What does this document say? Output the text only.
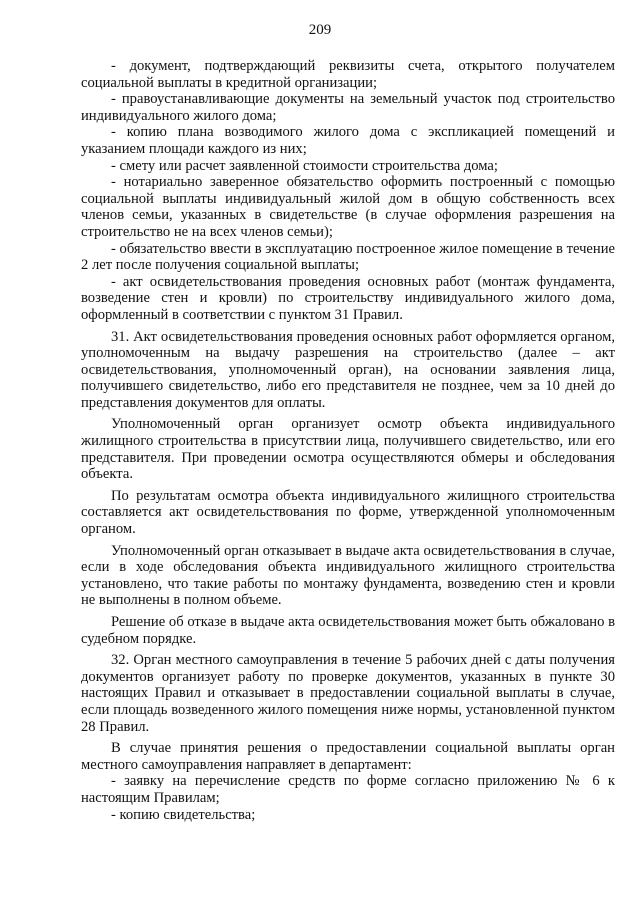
209

- документ, подтверждающий реквизиты счета, открытого получателем социальной выплаты в кредитной организации;

- правоустанавливающие документы на земельный участок под строительство индивидуального жилого дома;

- копию плана возводимого жилого дома с экспликацией помещений и указанием площади каждого из них;

- смету или расчет заявленной стоимости строительства дома;

- нотариально заверенное обязательство оформить построенный с помощью социальной выплаты индивидуальный жилой дом в общую собственность всех членов семьи, указанных в свидетельстве (в случае оформления разрешения на строительство не на всех членов семьи);

- обязательство ввести в эксплуатацию построенное жилое помещение в течение 2 лет после получения социальной выплаты;

- акт освидетельствования проведения основных работ (монтаж фундамента, возведение стен и кровли) по строительству индивидуального жилого дома, оформленный в соответствии с пунктом 31 Правил.

31. Акт освидетельствования проведения основных работ оформляется органом, уполномоченным на выдачу разрешения на строительство (далее – акт освидетельствования, уполномоченный орган), на основании заявления лица, получившего свидетельство, либо его представителя не позднее, чем за 10 дней до представления документов для оплаты.

Уполномоченный орган организует осмотр объекта индивидуального жилищного строительства в присутствии лица, получившего свидетельство, или его представителя. При проведении осмотра осуществляются обмеры и обследования объекта.

По результатам осмотра объекта индивидуального жилищного строительства составляется акт освидетельствования по форме, утвержденной уполномоченным органом.

Уполномоченный орган отказывает в выдаче акта освидетельствования в случае, если в ходе обследования объекта индивидуального жилищного строительства установлено, что такие работы по монтажу фундамента, возведению стен и кровли не выполнены в полном объеме.

Решение об отказе в выдаче акта освидетельствования может быть обжаловано в судебном порядке.

32. Орган местного самоуправления в течение 5 рабочих дней с даты получения документов организует работу по проверке документов, указанных в пункте 30 настоящих Правил и отказывает в предоставлении социальной выплаты в случае, если площадь возведенного жилого помещения ниже нормы, установленной пунктом 28 Правил.

В случае принятия решения о предоставлении социальной выплаты орган местного самоуправления направляет в департамент:

- заявку на перечисление средств по форме согласно приложению № 6 к настоящим Правилам;

- копию свидетельства;
